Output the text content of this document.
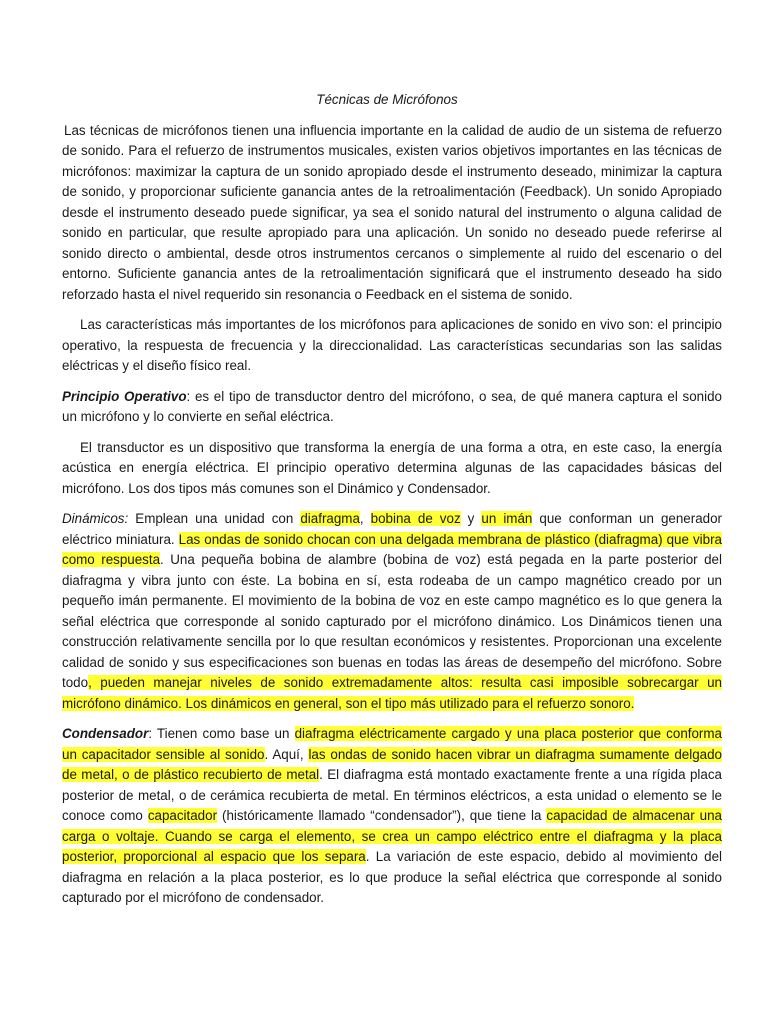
Técnicas de Micrófonos

Las técnicas de micrófonos tienen una influencia importante en la calidad de audio de un sistema de refuerzo de sonido. Para el refuerzo de instrumentos musicales, existen varios objetivos importantes en las técnicas de micrófonos: maximizar la captura de un sonido apropiado desde el instrumento deseado, minimizar la captura de sonido, y proporcionar suficiente ganancia antes de la retroalimentación (Feedback). Un sonido Apropiado desde el instrumento deseado puede significar, ya sea el sonido natural del instrumento o alguna calidad de sonido en particular, que resulte apropiado para una aplicación. Un sonido no deseado puede referirse al sonido directo o ambiental, desde otros instrumentos cercanos o simplemente al ruido del escenario o del entorno. Suficiente ganancia antes de la retroalimentación significará que el instrumento deseado ha sido reforzado hasta el nivel requerido sin resonancia o Feedback en el sistema de sonido.

Las características más importantes de los micrófonos para aplicaciones de sonido en vivo son: el principio operativo, la respuesta de frecuencia y la direccionalidad. Las características secundarias son las salidas eléctricas y el diseño físico real.

Principio Operativo: es el tipo de transductor dentro del micrófono, o sea, de qué manera captura el sonido un micrófono y lo convierte en señal eléctrica.

El transductor es un dispositivo que transforma la energía de una forma a otra, en este caso, la energía acústica en energía eléctrica. El principio operativo determina algunas de las capacidades básicas del micrófono. Los dos tipos más comunes son el Dinámico y Condensador.

Dinámicos: Emplean una unidad con diafragma, bobina de voz y un imán que conforman un generador eléctrico miniatura. Las ondas de sonido chocan con una delgada membrana de plástico (diafragma) que vibra como respuesta. Una pequeña bobina de alambre (bobina de voz) está pegada en la parte posterior del diafragma y vibra junto con éste. La bobina en sí, esta rodeaba de un campo magnético creado por un pequeño imán permanente. El movimiento de la bobina de voz en este campo magnético es lo que genera la señal eléctrica que corresponde al sonido capturado por el micrófono dinámico. Los Dinámicos tienen una construcción relativamente sencilla por lo que resultan económicos y resistentes. Proporcionan una excelente calidad de sonido y sus especificaciones son buenas en todas las áreas de desempeño del micrófono. Sobre todo, pueden manejar niveles de sonido extremadamente altos: resulta casi imposible sobrecargar un micrófono dinámico. Los dinámicos en general, son el tipo más utilizado para el refuerzo sonoro.

Condensador: Tienen como base un diafragma eléctricamente cargado y una placa posterior que conforma un capacitador sensible al sonido. Aquí, las ondas de sonido hacen vibrar un diafragma sumamente delgado de metal, o de plástico recubierto de metal. El diafragma está montado exactamente frente a una rígida placa posterior de metal, o de cerámica recubierta de metal. En términos eléctricos, a esta unidad o elemento se le conoce como capacitador (históricamente llamado “condensador”), que tiene la capacidad de almacenar una carga o voltaje. Cuando se carga el elemento, se crea un campo eléctrico entre el diafragma y la placa posterior, proporcional al espacio que los separa. La variación de este espacio, debido al movimiento del diafragma en relación a la placa posterior, es lo que produce la señal eléctrica que corresponde al sonido capturado por el micrófono de condensador.
